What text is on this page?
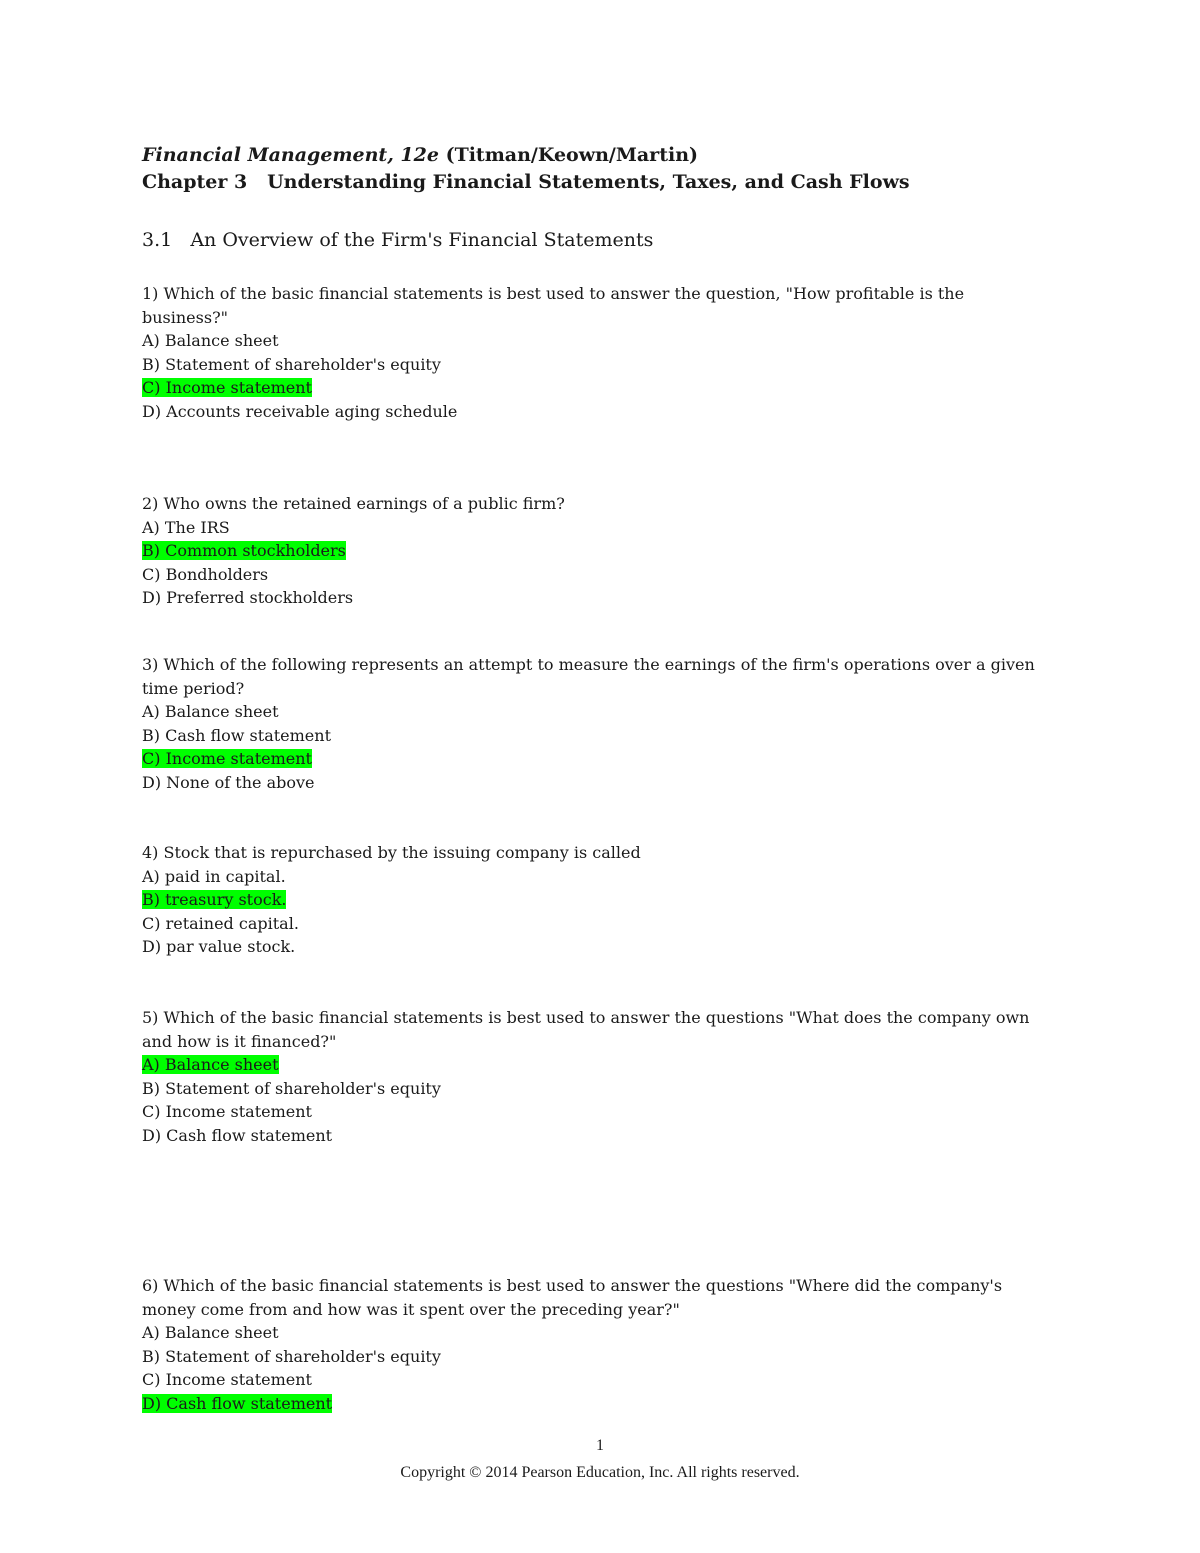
Financial Management, 12e (Titman/Keown/Martin)

Chapter 3   Understanding Financial Statements, Taxes, and Cash Flows

3.1   An Overview of the Firm's Financial Statements

1) Which of the basic financial statements is best used to answer the question, "How profitable is the business?"

A) Balance sheet

B) Statement of shareholder's equity

C) Income statement

D) Accounts receivable aging schedule

2) Who owns the retained earnings of a public firm?

A) The IRS

B) Common stockholders

C) Bondholders

D) Preferred stockholders

3) Which of the following represents an attempt to measure the earnings of the firm's operations over a given time period?

A) Balance sheet

B) Cash flow statement

C) Income statement

D) None of the above

4) Stock that is repurchased by the issuing company is called

A) paid in capital.

B) treasury stock.

C) retained capital.

D) par value stock.

5) Which of the basic financial statements is best used to answer the questions "What does the company own and how is it financed?"

A) Balance sheet

B) Statement of shareholder's equity

C) Income statement

D) Cash flow statement

6) Which of the basic financial statements is best used to answer the questions "Where did the company's money come from and how was it spent over the preceding year?"

A) Balance sheet

B) Statement of shareholder's equity

C) Income statement

D) Cash flow statement

1
Copyright © 2014 Pearson Education, Inc. All rights reserved.
